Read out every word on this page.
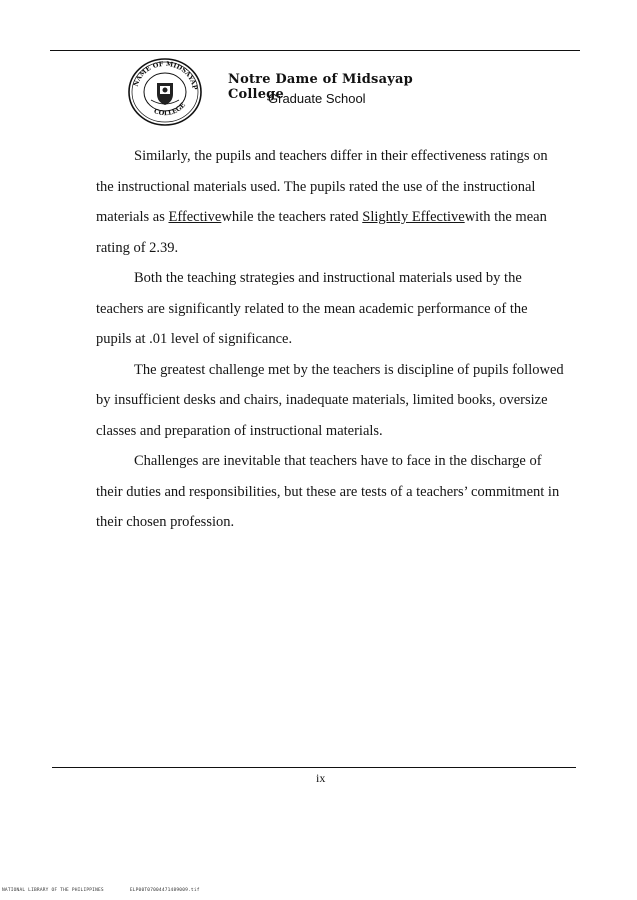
NAME OF MIDSAYAP
COLLEGE
Notre Dame of Midsayap College
Graduate School

Similarly, the pupils and teachers differ in their effectiveness ratings on the instructional materials used. The pupils rated the use of the instructional materials as Effectivewhile the teachers rated Slightly Effectivewith the mean rating of 2.39.

Both the teaching strategies and instructional materials used by the teachers are significantly related to the mean academic performance of the pupils at .01 level of significance.

The greatest challenge met by the teachers is discipline of pupils followed by insufficient desks and chairs, inadequate materials, limited books, oversize classes and preparation of instructional materials.

Challenges are inevitable that teachers have to face in the discharge of their duties and responsibilities, but these are tests of a teachers’ commitment in their chosen profession.

ix
NATIONAL LIBRARY OF THE PHILIPPINES	ELP00T07004471489009.tif
